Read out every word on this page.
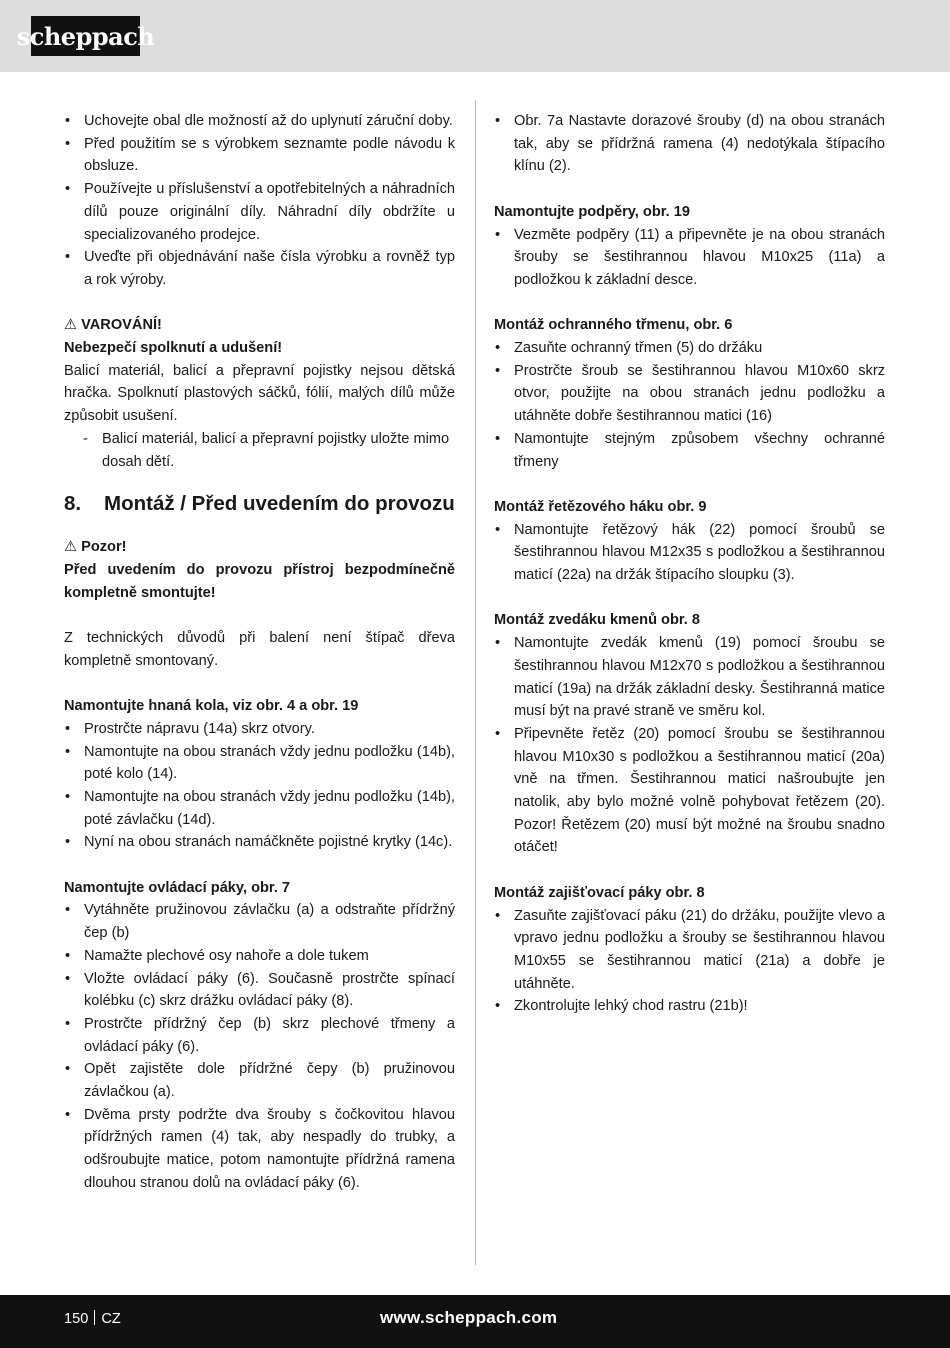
scheppach
• Uchovejte obal dle možností až do uplynutí záruční doby.
• Před použitím se s výrobkem seznamte podle návodu k obsluze.
• Používejte u příslušenství a opotřebitelných a náhradních dílů pouze originální díly. Náhradní díly obdržíte u specializovaného prodejce.
• Uveďte při objednávání naše čísla výrobku a rovněž typ a rok výroby.

⚠ VAROVÁNÍ!

Nebezpečí spolknutí a udušení!

Balicí materiál, balicí a přepravní pojistky nejsou dětská hračka. Spolknutí plastových sáčků, fólií, malých dílů může způsobit usušení.

- Balicí materiál, balicí a přepravní pojistky uložte mimo dosah dětí.
8.	Montáž / Před uvedením do provozu

⚠ Pozor!

Před uvedením do provozu přístroj bezpodmínečně kompletně smontujte!

Z technických důvodů při balení není štípač dřeva kompletně smontovaný.

Namontujte hnaná kola, viz obr. 4 a obr. 19

• Prostrčte nápravu (14a) skrz otvory.
• Namontujte na obou stranách vždy jednu podložku (14b), poté kolo (14).
• Namontujte na obou stranách vždy jednu podložku (14b), poté závlačku (14d).
• Nyní na obou stranách namáčkněte pojistné krytky (14c).

Namontujte ovládací páky, obr. 7

• Vytáhněte pružinovou závlačku (a) a odstraňte přídržný čep (b)
• Namažte plechové osy nahoře a dole tukem
• Vložte ovládací páky (6). Současně prostrčte spínací kolébku (c) skrz drážku ovládací páky (8).
• Prostrčte přídržný čep (b) skrz plechové třmeny a ovládací páky (6).
• Opět zajistěte dole přídržné čepy (b) pružinovou závlačkou (a).
• Dvěma prsty podržte dva šrouby s čočkovitou hlavou přídržných ramen (4) tak, aby nespadly do trubky, a odšroubujte matice, potom namontujte přídržná ramena dlouhou stranou dolů na ovládací páky (6).
• Obr. 7a Nastavte dorazové šrouby (d) na obou stranách tak, aby se přídržná ramena (4) nedotýkala štípacího klínu (2).

Namontujte podpěry, obr. 19

• Vezměte podpěry (11) a připevněte je na obou stranách šrouby se šestihrannou hlavou M10x25 (11a) a podložkou k základní desce.

Montáž ochranného třmenu, obr. 6

• Zasuňte ochranný třmen (5) do držáku
• Prostrčte šroub se šestihrannou hlavou M10x60 skrz otvor, použijte na obou stranách jednu podložku a utáhněte dobře šestihrannou matici (16)
• Namontujte stejným způsobem všechny ochranné třmeny

Montáž řetězového háku obr. 9

• Namontujte řetězový hák (22) pomocí šroubů se šestihrannou hlavou M12x35 s podložkou a šestihrannou maticí (22a) na držák štípacího sloupku (3).

Montáž zvedáku kmenů obr. 8

• Namontujte zvedák kmenů (19) pomocí šroubu se šestihrannou hlavou M12x70 s podložkou a šestihrannou maticí (19a) na držák základní desky. Šestihranná matice musí být na pravé straně ve směru kol.
• Připevněte řetěz (20) pomocí šroubu se šestihrannou hlavou M10x30 s podložkou a šestihrannou maticí (20a) vně na třmen. Šestihrannou matici našroubujte jen natolik, aby bylo možné volně pohybovat řetězem (20). Pozor! Řetězem (20) musí být možné na šroubu snadno otáčet!

Montáž zajišťovací páky obr. 8

• Zasuňte zajišťovací páku (21) do držáku, použijte vlevo a vpravo jednu podložku a šrouby se šestihrannou hlavou M10x55 se šestihrannou maticí (21a) a dobře je utáhněte.
• Zkontrolujte lehký chod rastru (21b)!
150 CZ	www.scheppach.com
